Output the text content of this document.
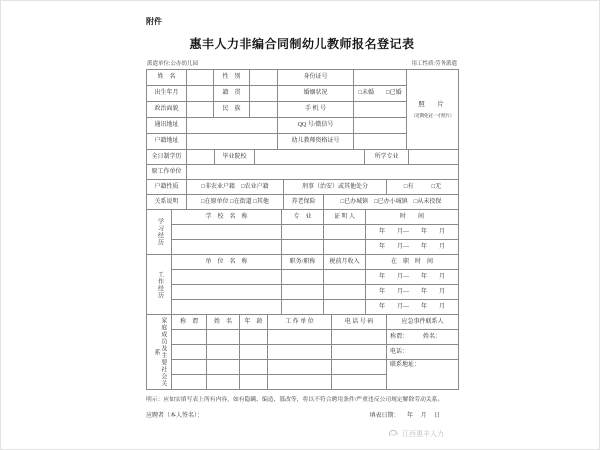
附件
惠丰人力非编合同制幼儿教师报名登记表
派遣单位:公办幼儿园	用工性质:劳务派遣
姓　名		性　别		身份证号		照　片
（近期免冠一寸照片）

出生年月		籍　贯		婚姻状况	□未婚　　□已婚	
政治面貌		民　族		手 机 号		
通讯地址				QQ 号/微信号		
户籍地址				幼儿教师资格证号		
全日制学历		毕业院校		所学专业	
原工作单位	
户籍性质	□非农业户籍　□农业户籍	刑事（治安）或其他处分	□有　　　□无
关系说明	□在原单位 □在街道 □其他	养老保险	□已办城镇　□已办小城镇　□从未投保
学习经历	学　校　名　称	专　业	证 明 人	时　　间
				年　　月—　　年　　月
				年　　月—　　年　　月
工作经历	单　位　名　称	职务/职称	税前月收入	在　职　时　间
				年　　月—　　年　　月
				年　　月—　　年　　月
				年　　月—　　年　　月
家庭成员及主要社会关系	称　谓	姓　名	年　龄	工 作 单 位	电 话 号 码	应急事件联系人
						称谓：　　　姓名：
						电话：
						联系地址：

明示：应如实填写表上所有内容，如有隐瞒、编造、篡改等，将以不符合聘用条件/严重违反公司规定解除劳动关系。
应聘者（本人签名）：	填表日期： 年 月 日
江西惠丰人力
